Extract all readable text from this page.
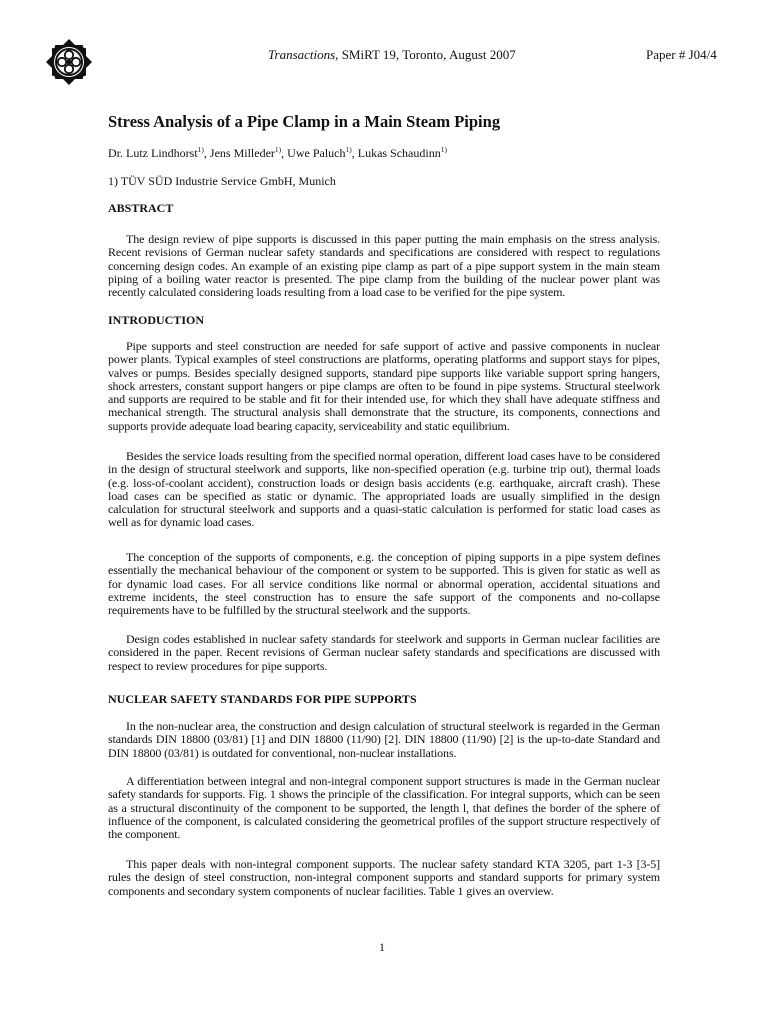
Transactions, SMiRT 19, Toronto, August 2007	Paper # J04/4
Stress Analysis of a Pipe Clamp in a Main Steam Piping
Dr. Lutz Lindhorst$^{1)}$, Jens Milleder$^{1)}$, Uwe Paluch$^{1)}$, Lukas Schaudinn$^{1)}$
1) TÜV SÜD Industrie Service GmbH, Munich
ABSTRACT

The design review of pipe supports is discussed in this paper putting the main emphasis on the stress analysis. Recent revisions of German nuclear safety standards and specifications are considered with respect to regulations concerning design codes. An example of an existing pipe clamp as part of a pipe support system in the main steam piping of a boiling water reactor is presented. The pipe clamp from the building of the nuclear power plant was recently calculated considering loads resulting from a load case to be verified for the pipe system.

INTRODUCTION

Pipe supports and steel construction are needed for safe support of active and passive components in nuclear power plants. Typical examples of steel constructions are platforms, operating platforms and support stays for pipes, valves or pumps. Besides specially designed supports, standard pipe supports like variable support spring hangers, shock arresters, constant support hangers or pipe clamps are often to be found in pipe systems. Structural steelwork and supports are required to be stable and fit for their intended use, for which they shall have adequate stiffness and mechanical strength. The structural analysis shall demonstrate that the structure, its components, connections and supports provide adequate load bearing capacity, serviceability and static equilibrium.

Besides the service loads resulting from the specified normal operation, different load cases have to be considered in the design of structural steelwork and supports, like non-specified operation (e.g. turbine trip out), thermal loads (e.g. loss-of-coolant accident), construction loads or design basis accidents (e.g. earthquake, aircraft crash). These load cases can be specified as static or dynamic. The appropriated loads are usually simplified in the design calculation for structural steelwork and supports and a quasi-static calculation is performed for static load cases as well as for dynamic load cases.

The conception of the supports of components, e.g. the conception of piping supports in a pipe system defines essentially the mechanical behaviour of the component or system to be supported. This is given for static as well as for dynamic load cases. For all service conditions like normal or abnormal operation, accidental situations and extreme incidents, the steel construction has to ensure the safe support of the components and no-collapse requirements have to be fulfilled by the structural steelwork and the supports.

Design codes established in nuclear safety standards for steelwork and supports in German nuclear facilities are considered in the paper. Recent revisions of German nuclear safety standards and specifications are discussed with respect to review procedures for pipe supports.

NUCLEAR SAFETY STANDARDS FOR PIPE SUPPORTS

In the non-nuclear area, the construction and design calculation of structural steelwork is regarded in the German standards DIN 18800 (03/81) [1] and DIN 18800 (11/90) [2]. DIN 18800 (11/90) [2] is the up-to-date Standard and DIN 18800 (03/81) is outdated for conventional, non-nuclear installations.

A differentiation between integral and non-integral component support structures is made in the German nuclear safety standards for supports. Fig. 1 shows the principle of the classification. For integral supports, which can be seen as a structural discontinuity of the component to be supported, the length l, that defines the border of the sphere of influence of the component, is calculated considering the geometrical profiles of the support structure respectively of the component.

This paper deals with non-integral component supports. The nuclear safety standard KTA 3205, part 1-3 [3-5] rules the design of steel construction, non-integral component supports and standard supports for primary system components and secondary system components of nuclear facilities. Table 1 gives an overview.

1
